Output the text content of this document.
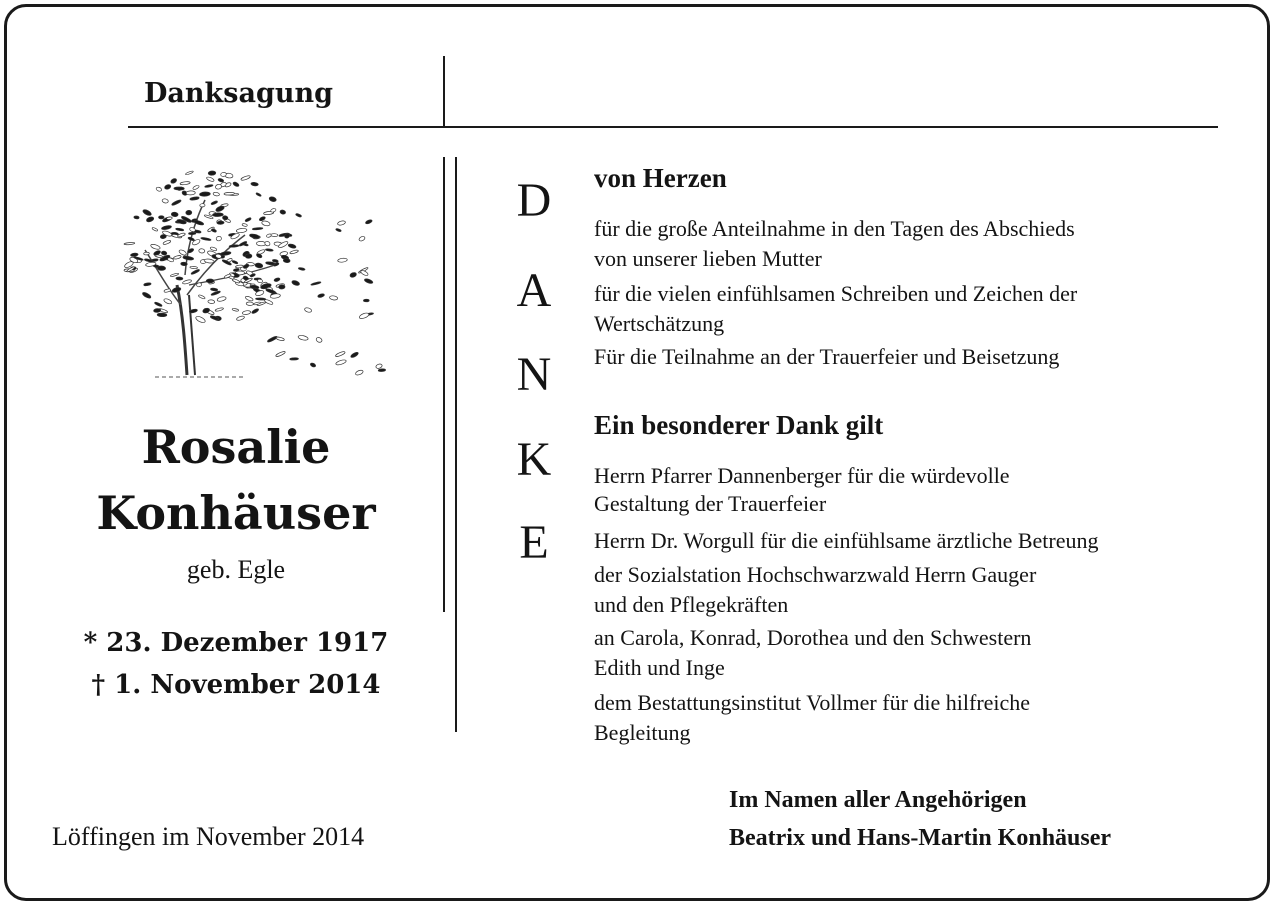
Danksagung
Rosalie
Konhäuser
geb. Egle
* 23. Dezember 1917
† 1. November 2014
Löffingen im November 2014
D
A
N
K
E
von Herzen
für die große Anteilnahme in den Tagen des Abschieds
von unserer lieben Mutter
für die vielen einfühlsamen Schreiben und Zeichen der
Wertschätzung
Für die Teilnahme an der Trauerfeier und Beisetzung
Ein besonderer Dank gilt
Herrn Pfarrer Dannenberger für die würdevolle
Gestaltung der Trauerfeier
Herrn Dr. Worgull für die einfühlsame ärztliche Betreung
der Sozialstation Hochschwarzwald Herrn Gauger
und den Pflegekräften
an Carola, Konrad, Dorothea und den Schwestern
Edith und Inge
dem Bestattungsinstitut Vollmer für die hilfreiche
Begleitung
Im Namen aller Angehörigen
Beatrix und Hans-Martin Konhäuser
